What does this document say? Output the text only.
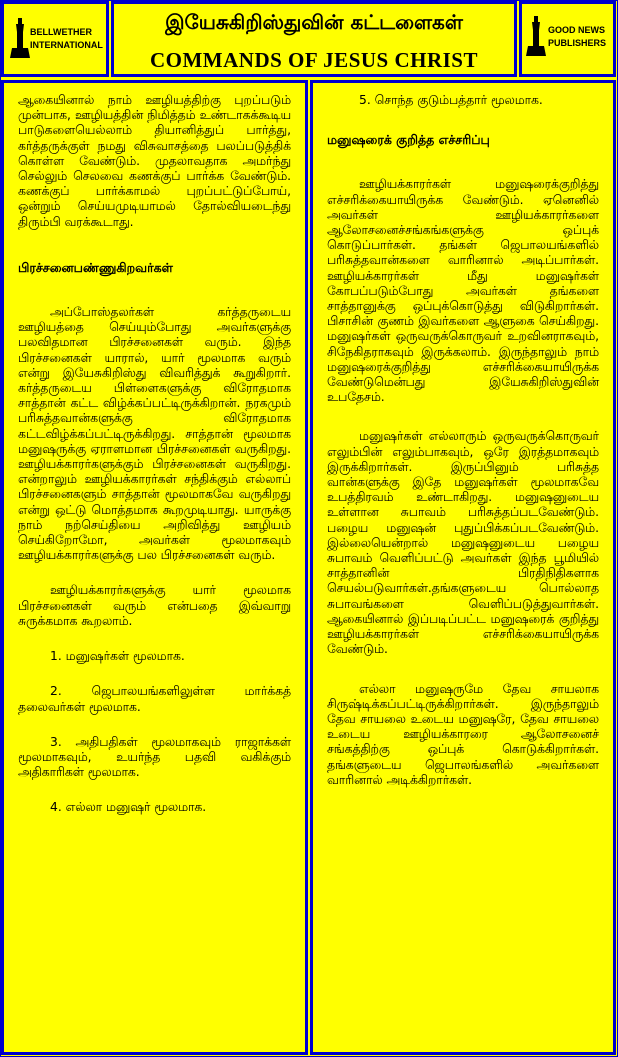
BELLWETHER
INTERNATIONAL
இயேசுகிறிஸ்துவின் கட்டளைகள்
COMMANDS OF JESUS CHRIST
GOOD NEWS
PUBLISHERS

ஆகையினால் நாம் ஊழியத்திற்கு புறப்படும் முன்பாக, ஊழியத்தின் நிமித்தம் உண்டாகக்கூடிய பாடுகளையெல்லாம் தியானித்துப் பார்த்து, கர்த்தருக்குள் நமது விசுவாசத்தை பலப்படுத்திக் கொள்ள வேண்டும். முதலாவதாக அமர்ந்து செல்லும் செலவை கணக்குப் பார்க்க வேண்டும். கணக்குப் பார்க்காமல் புறப்பட்டுப்போய், ஒன்றும் செய்யமுடியாமல் தோல்வியடைந்து திரும்பி வரக்கூடாது.

பிரச்சனைபண்ணுகிறவர்கள்

அப்போஸ்தலர்கள் கர்த்தருடைய ஊழியத்தை செய்யும்போது அவர்களுக்கு பலவிதமான பிரச்சனைகள் வரும். இந்த பிரச்சனைகள் யாரால், யார் மூலமாக வரும் என்று இயேசுகிறிஸ்து விவரித்துக் கூறுகிறார். கர்த்தருடைய பிள்ளைகளுக்கு விரோதமாக சாத்தான் கட்ட விழ்க்கப்பட்டிருக்கிறான். நரகமும் பரிசுத்தவான்களுக்கு விரோதமாக கட்டவிழ்க்கப்பட்டிருக்கிறது. சாத்தான் மூலமாக மனுஷருக்கு ஏராளமான பிரச்சனைகள் வருகிறது. ஊழியக்காரர்களுக்கும் பிரச்சனைகள் வருகிறது. என்றாலும் ஊழியக்காரர்கள் சந்திக்கும் எல்லாப் பிரச்சனைகளும் சாத்தான் மூலமாகவே வருகிறது என்று ஒட்டு மொத்தமாக கூறமுடியாது. யாருக்கு நாம் நற்செய்தியை அறிவித்து ஊழியம் செய்கிறோமோ, அவர்கள் மூலமாகவும் ஊழியக்காரர்களுக்கு பல பிரச்சனைகள் வரும்.

ஊழியக்காரர்களுக்கு யார் மூலமாக பிரச்சனைகள் வரும் என்பதை இவ்வாறு சுருக்கமாக கூறலாம்.

1. மனுஷர்கள் மூலமாக.

2. ஜெபாலயங்களிலுள்ள மார்க்கத் தலைவர்கள் மூலமாக.

3. அதிபதிகள் மூலமாகவும் ராஜாக்கள் மூலமாகவும், உயர்ந்த பதவி வகிக்கும் அதிகாரிகள் மூலமாக.

4. எல்லா மனுஷர் மூலமாக.

5. சொந்த குடும்பத்தார் மூலமாக.

மனுஷரைக் குறித்த எச்சரிப்பு

ஊழியக்காரர்கள் மனுஷரைக்குறித்து எச்சரிக்கையாயிருக்க வேண்டும். ஏனெனில் அவர்கள் ஊழியக்காரர்களை ஆலோசனைச்சங்கங்களுக்கு ஒப்புக் கொடுப்பார்கள். தங்கள் ஜெபாலயங்களில் பரிசுத்தவான்களை வாரினால் அடிப்பார்கள். ஊழியக்காரர்கள் மீது மனுஷர்கள் கோபப்படும்போது அவர்கள் தங்களை சாத்தானுக்கு ஒப்புக்கொடுத்து விடுகிறார்கள். பிசாசின் குணம் இவர்களை ஆளுகை செய்கிறது. மனுஷர்கள் ஒருவருக்கொருவர் உறவினராகவும், சிநேகிதராகவும் இருக்கலாம். இருந்தாலும் நாம் மனுஷரைக்குறித்து எச்சரிக்கையாயிருக்க வேண்டுமென்பது இயேசுகிறிஸ்துவின் உபதேசம்.

மனுஷர்கள் எல்லாரும் ஒருவருக்கொருவர் எலும்பின் எலும்பாகவும், ஒரே இரத்தமாகவும் இருக்கிறார்கள். இருப்பினும் பரிசுத்த வான்களுக்கு இதே மனுஷர்கள் மூலமாகவே உபத்திரவம் உண்டாகிறது. மனுஷனுடைய உள்ளான சுபாவம் பரிசுத்தப்படவேண்டும். பழைய மனுஷன் புதுப்பிக்கப்படவேண்டும். இல்லையென்றால் மனுஷனுடைய பழைய சுபாவம் வெளிப்பட்டு அவர்கள் இந்த பூமியில் சாத்தானின் பிரதிநிதிகளாக செயல்படுவார்கள்.தங்களுடைய பொல்லாத சுபாவங்களை வெளிப்படுத்துவார்கள். ஆகையினால் இப்படிப்பட்ட மனுஷரைக் குறித்து ஊழியக்காரர்கள் எச்சரிக்கையாயிருக்க வேண்டும்.

எல்லா மனுஷருமே தேவ சாயலாக சிருஷ்டிக்கப்பட்டிருக்கிறார்கள். இருந்தாலும் தேவ சாயலை உடைய மனுஷரே, தேவ சாயலை உடைய ஊழியக்காரரை ஆலோசனைச் சங்கத்திற்கு ஒப்புக் கொடுக்கிறார்கள். தங்களுடைய ஜெபாலங்களில் அவர்களை வாரினால் அடிக்கிறார்கள்.
